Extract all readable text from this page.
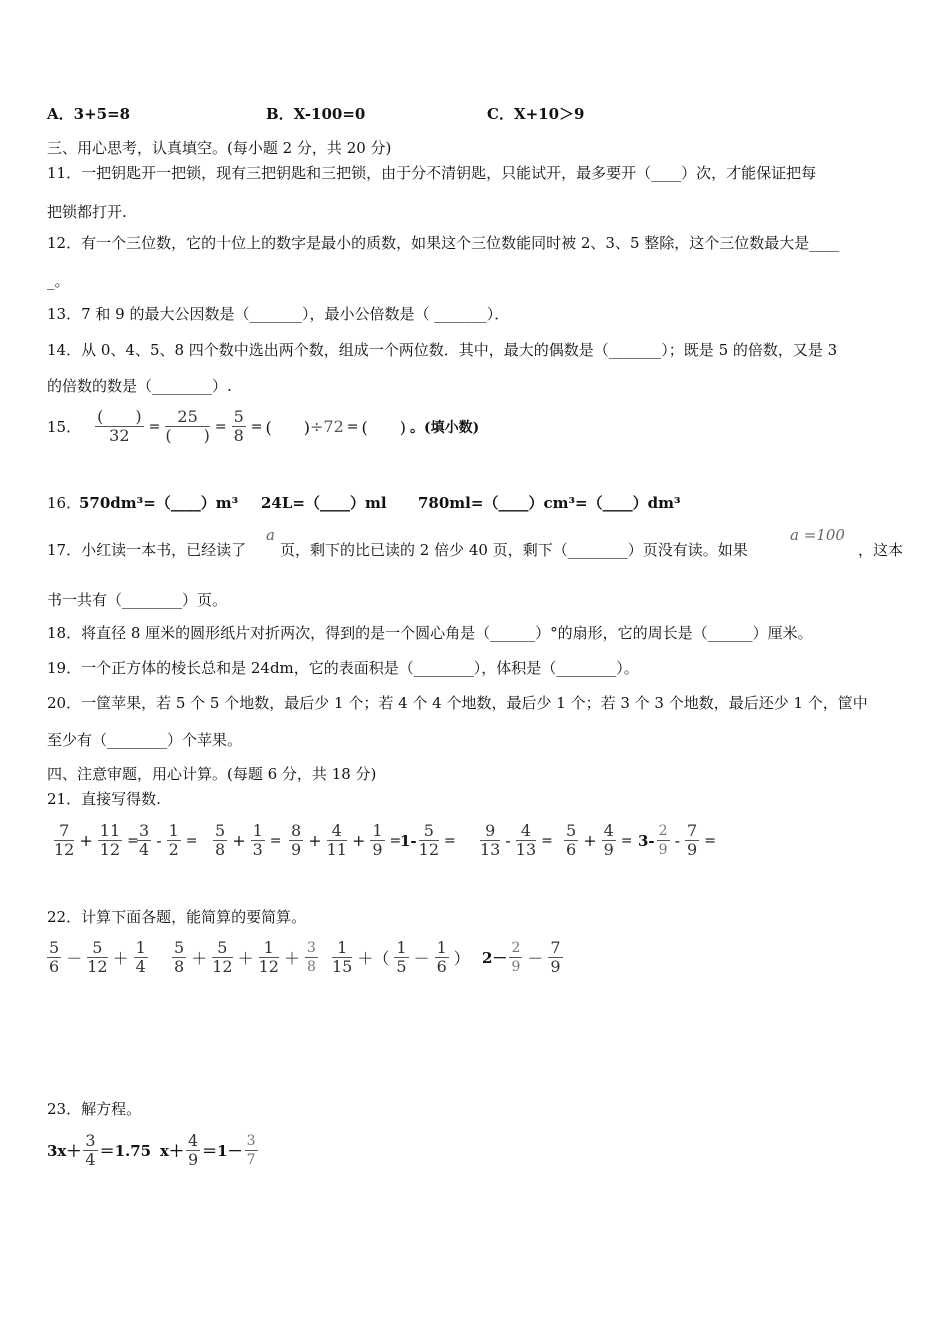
A．3+5=8	B．X-100=0	C．X+10＞9
三、用心思考，认真填空。(每小题 2 分，共 20 分)
11．一把钥匙开一把锁，现有三把钥匙和三把锁，由于分不清钥匙，只能试开，最多要开（____）次，才能保证把每
把锁都打开.
12．有一个三位数，它的十位上的数字是最小的质数，如果这个三位数能同时被 2、3、5 整除，这个三位数最大是____
_。
13．7 和 9 的最大公因数是（_______），最小公倍数是（ _______）．
14．从 0、4、5、8 四个数中选出两个数，组成一个两位数．其中，最大的偶数是（_______）；既是 5 的倍数，又是 3
的倍数的数是（________）.
15．
(　　)
32	=
25
(　　) = $\frac{5}{8}$ = (　　) ÷72 = (　　) 。(填小数)
16．
570dm³=（____）m³ 24L=（____）ml 780ml=（____）cm³=（____）dm³
17．小红读一本书，已经读了
a
页，剩下的比已读的 2 倍少 40 页，剩下（________）页没有读。如果
a =100
，这本
书一共有（________）页。
18．将直径 8 厘米的圆形纸片对折两次，得到的是一个圆心角是（______）°的扇形，它的周长是（______）厘米。
19．一个正方体的棱长总和是 24dm，它的表面积是（________），体积是（________）。
20．一筐苹果，若 5 个 5 个地数，最后少 1 个；若 4 个 4 个地数，最后少 1 个；若 3 个 3 个地数，最后还少 1 个，筐中
至少有（________）个苹果。
四、注意审题，用心计算。(每题 6 分，共 18 分)
21．直接写得数.
7
$12 + \frac{11}{12}$ =
3
$4 - \frac{1}{2}$ =
5
$8 + \frac{1}{3}$ =
8
$9 + \frac{4}{11} + \frac{1}{9}$ =
$1- \frac{5}{12}$ =
9
$13 - \frac{4}{13}$ =
5
$6 + \frac{4}{9} = 3-$
2
$9 - \frac{7}{9}$ =
22．计算下面各题，能简算的要简算。
5
6 －
5
12 ＋
1
4
5
8 ＋
5
12 ＋
1
12 ＋
3
8
1
15 ＋（
1
5 －
1
6 ） 2－
2
9 －
7
9
23．解方程。
3x＋
3
4 ＝1.75 x＋
4
9 ＝1－
3
7
